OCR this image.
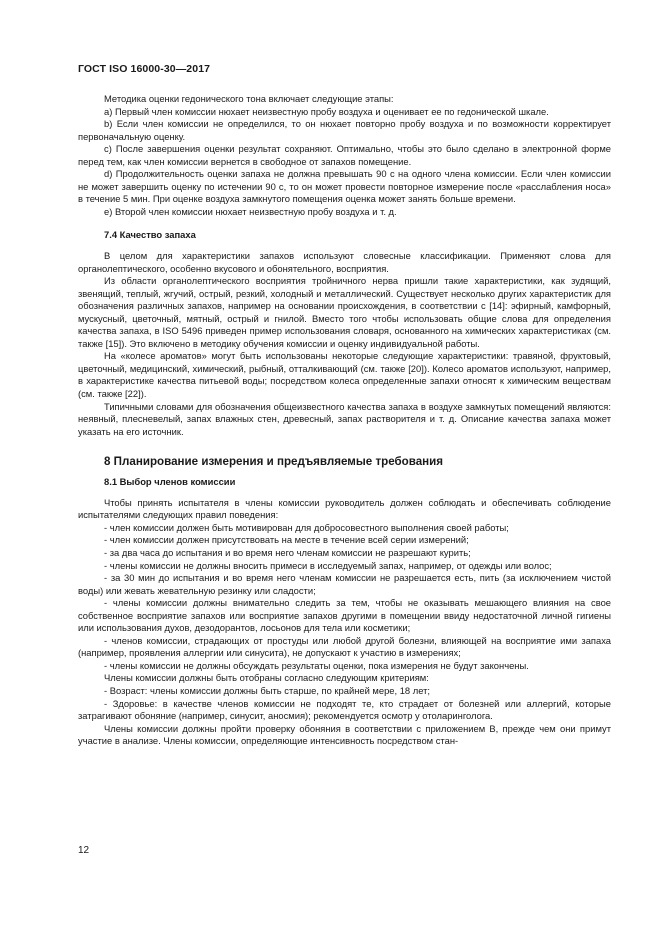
ГОСТ ISO 16000-30—2017

Методика оценки гедонического тона включает следующие этапы:

a) Первый член комиссии нюхает неизвестную пробу воздуха и оценивает ее по гедонической шкале.

b) Если член комиссии не определился, то он нюхает повторно пробу воздуха и по возможности корректирует первоначальную оценку.

c) После завершения оценки результат сохраняют. Оптимально, чтобы это было сделано в электронной форме перед тем, как член комиссии вернется в свободное от запахов помещение.

d) Продолжительность оценки запаха не должна превышать 90 с на одного члена комиссии. Если член комиссии не может завершить оценку по истечении 90 с, то он может провести повторное измерение после «расслабления носа» в течение 5 мин. При оценке воздуха замкнутого помещения оценка может занять больше времени.

e) Второй член комиссии нюхает неизвестную пробу воздуха и т. д.

7.4 Качество запаха

В целом для характеристики запахов используют словесные классификации. Применяют слова для органолептического, особенно вкусового и обонятельного, восприятия.

Из области органолептического восприятия тройничного нерва пришли такие характеристики, как зудящий, звенящий, теплый, жгучий, острый, резкий, холодный и металлический. Существует несколько других характеристик для обозначения различных запахов, например на основании происхождения, в соответствии с [14]: эфирный, камфорный, мускусный, цветочный, мятный, острый и гнилой. Вместо того чтобы использовать общие слова для определения качества запаха, в ISO 5496 приведен пример использования словаря, основанного на химических характеристиках (см. также [15]). Это включено в методику обучения комиссии и оценку индивидуальной работы.

На «колесе ароматов» могут быть использованы некоторые следующие характеристики: травяной, фруктовый, цветочный, медицинский, химический, рыбный, отталкивающий (см. также [20]). Колесо ароматов используют, например, в характеристике качества питьевой воды; посредством колеса определенные запахи относят к химическим веществам (см. также [22]).

Типичными словами для обозначения общеизвестного качества запаха в воздухе замкнутых помещений являются: неявный, плесневелый, запах влажных стен, древесный, запах растворителя и т. д. Описание качества запаха может указать на его источник.

8 Планирование измерения и предъявляемые требования
8.1 Выбор членов комиссии

Чтобы принять испытателя в члены комиссии руководитель должен соблюдать и обеспечивать соблюдение испытателями следующих правил поведения:

- член комиссии должен быть мотивирован для добросовестного выполнения своей работы;

- член комиссии должен присутствовать на месте в течение всей серии измерений;

- за два часа до испытания и во время него членам комиссии не разрешают курить;

- члены комиссии не должны вносить примеси в исследуемый запах, например, от одежды или волос;

- за 30 мин до испытания и во время него членам комиссии не разрешается есть, пить (за исключением чистой воды) или жевать жевательную резинку или сладости;

- члены комиссии должны внимательно следить за тем, чтобы не оказывать мешающего влияния на свое собственное восприятие запахов или восприятие запахов другими в помещении ввиду недостаточной личной гигиены или использования духов, дезодорантов, лосьонов для тела или косметики;

- членов комиссии, страдающих от простуды или любой другой болезни, влияющей на восприятие ими запаха (например, проявления аллергии или синусита), не допускают к участию в измерениях;

- члены комиссии не должны обсуждать результаты оценки, пока измерения не будут закончены.

Члены комиссии должны быть отобраны согласно следующим критериям:

- Возраст: члены комиссии должны быть старше, по крайней мере, 18 лет;

- Здоровье: в качестве членов комиссии не подходят те, кто страдает от болезней или аллергий, которые затрагивают обоняние (например, синусит, аносмия); рекомендуется осмотр у отоларинголога.

Члены комиссии должны пройти проверку обоняния в соответствии с приложением B, прежде чем они примут участие в анализе. Члены комиссии, определяющие интенсивность посредством стан-

12
